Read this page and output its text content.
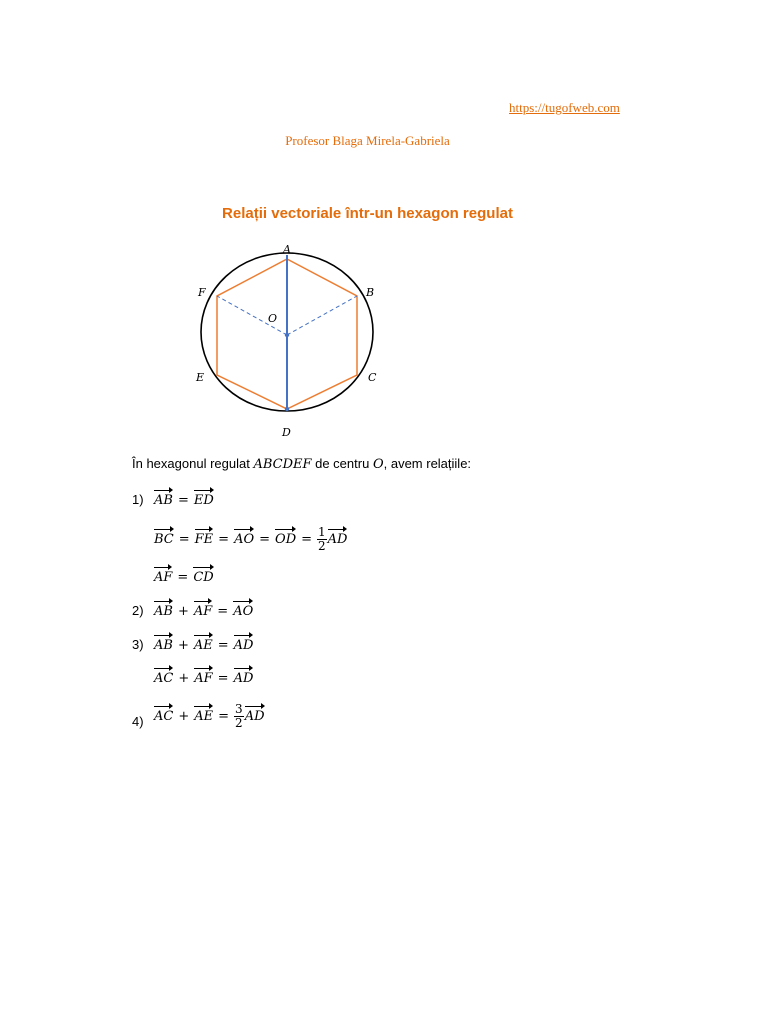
https://tugofweb.com
Profesor Blaga Mirela-Gabriela
Relații vectoriale într-un hexagon regulat
A
B
C
D
E
F
O
În hexagonul regulat ABCDEF de centru O, avem relațiile:
1) AB = ED
BC = FE = AO = OD = $\frac{1}{2}$ AD
AF = CD
2) AB + AF = AO
3) AB + AE = AD
AC + AF = AD
4) AC + AE = $\frac{3}{2}$ AD
